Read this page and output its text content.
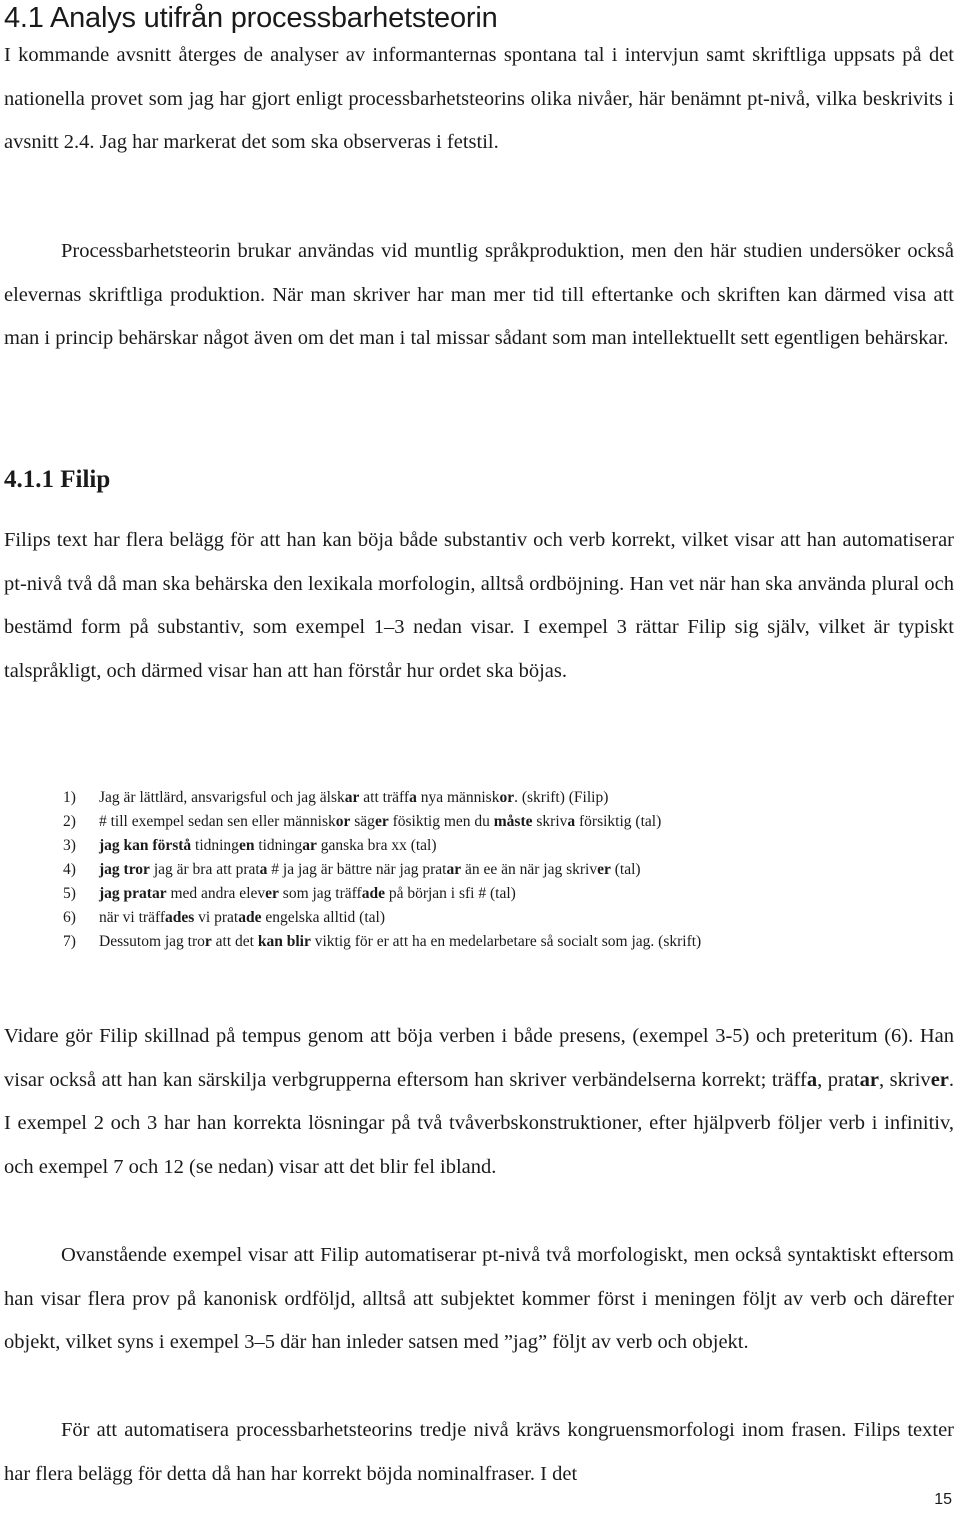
4.1 Analys utifrån processbarhetsteorin

I kommande avsnitt återges de analyser av informanternas spontana tal i intervjun samt skriftliga uppsats på det nationella provet som jag har gjort enligt processbarhetsteorins olika nivåer, här benämnt pt-nivå, vilka beskrivits i avsnitt 2.4. Jag har markerat det som ska observeras i fetstil.

Processbarhetsteorin brukar användas vid muntlig språkproduktion, men den här studien undersöker också elevernas skriftliga produktion. När man skriver har man mer tid till eftertanke och skriften kan därmed visa att man i princip behärskar något även om det man i tal missar sådant som man intellektuellt sett egentligen behärskar.

4.1.1 Filip

Filips text har flera belägg för att han kan böja både substantiv och verb korrekt, vilket visar att han automatiserar pt-nivå två då man ska behärska den lexikala morfologin, alltså ordböjning. Han vet när han ska använda plural och bestämd form på substantiv, som exempel 1–3 nedan visar. I exempel 3 rättar Filip sig själv, vilket är typiskt talspråkligt, och därmed visar han att han förstår hur ordet ska böjas.

1)	Jag är lättlärd, ansvarigsful och jag älskar att träffa nya människor. (skrift) (Filip)
2)	# till exempel sedan sen eller människor säger fösiktig men du måste skriva försiktig (tal)
3)	jag kan förstå tidningen tidningar ganska bra xx (tal)
4)	jag tror jag är bra att prata # ja jag är bättre när jag pratar än ee än när jag skriver (tal)
5)	jag pratar med andra elever som jag träffade på början i sfi # (tal)
6)	när vi träffades vi pratade engelska alltid (tal)
7)	Dessutom jag tror att det kan blir viktig för er att ha en medelarbetare så socialt som jag. (skrift)

Vidare gör Filip skillnad på tempus genom att böja verben i både presens, (exempel 3-5) och preteritum (6). Han visar också att han kan särskilja verbgrupperna eftersom han skriver verbändelserna korrekt; träffa, pratar, skriver. I exempel 2 och 3 har han korrekta lösningar på två tvåverbskonstruktioner, efter hjälpverb följer verb i infinitiv, och exempel 7 och 12 (se nedan) visar att det blir fel ibland.

Ovanstående exempel visar att Filip automatiserar pt-nivå två morfologiskt, men också syntaktiskt eftersom han visar flera prov på kanonisk ordföljd, alltså att subjektet kommer först i meningen följt av verb och därefter objekt, vilket syns i exempel 3–5 där han inleder satsen med ”jag” följt av verb och objekt.

För att automatisera processbarhetsteorins tredje nivå krävs kongruensmorfologi inom frasen. Filips texter har flera belägg för detta då han har korrekt böjda nominalfraser. I det

15
